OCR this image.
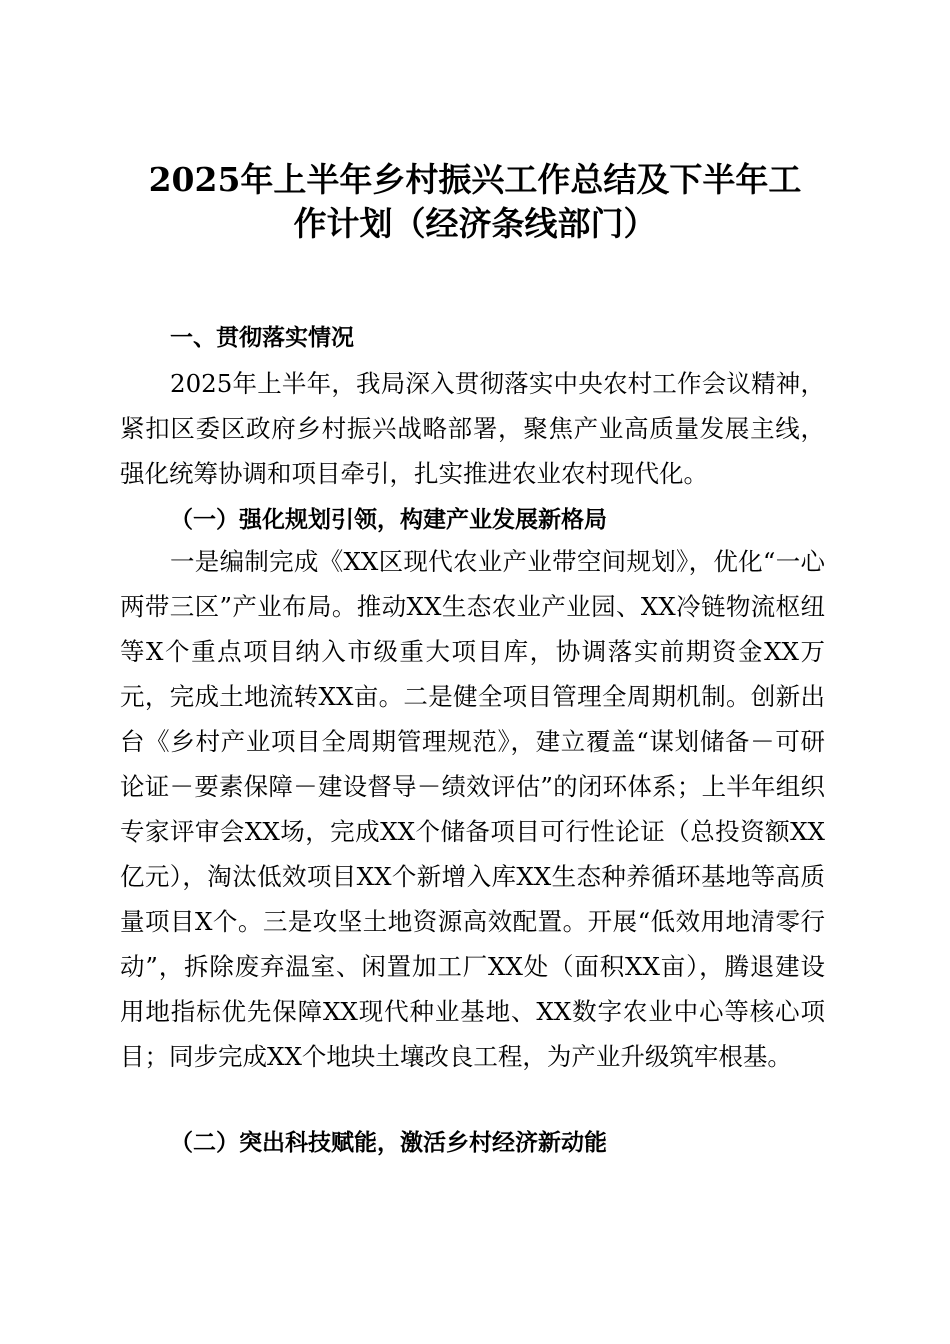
2025年上半年乡村振兴工作总结及下半年工
作计划（经济条线部门）
一、贯彻落实情况
2025年上半年，我局深入贯彻落实中央农村工作会议精神，紧扣区委区政府乡村振兴战略部署，聚焦产业高质量发展主线，强化统筹协调和项目牵引，扎实推进农业农村现代化。
（一）强化规划引领，构建产业发展新格局
一是编制完成《XX区现代农业产业带空间规划》，优化“一心两带三区”产业布局。推动XX生态农业产业园、XX冷链物流枢纽等X个重点项目纳入市级重大项目库，协调落实前期资金XX万元，完成土地流转XX亩。二是健全项目管理全周期机制。创新出台《乡村产业项目全周期管理规范》，建立覆盖“谋划储备－可研论证－要素保障－建设督导－绩效评估”的闭环体系；上半年组织专家评审会XX场，完成XX个储备项目可行性论证（总投资额XX亿元），淘汰低效项目XX个新增入库XX生态种养循环基地等高质量项目X个。三是攻坚土地资源高效配置。开展“低效用地清零行动”，拆除废弃温室、闲置加工厂XX处（面积XX亩），腾退建设用地指标优先保障XX现代种业基地、XX数字农业中心等核心项目；同步完成XX个地块土壤改良工程，为产业升级筑牢根基。
（二）突出科技赋能，激活乡村经济新动能
